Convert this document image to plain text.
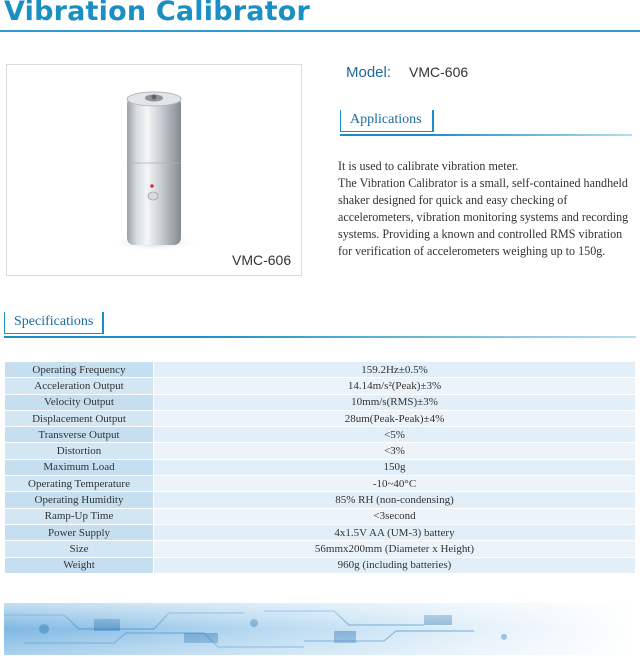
Vibration Calibrator
VMC-606
Model: VMC-606
Applications

It is used to calibrate vibration meter.

The Vibration Calibrator is a small, self-contained handheld shaker designed for quick and easy checking of accelerometers, vibration monitoring systems and recording systems. Providing a known and controlled RMS vibration for verification of accelerometers weighing up to 150g.

Specifications
Operating Frequency	159.2Hz±0.5%
Acceleration Output	14.14m/s²(Peak)±3%
Velocity Output	10mm/s(RMS)±3%
Displacement Output	28um(Peak-Peak)±4%
Transverse Output	<5%
Distortion	<3%
Maximum Load	150g
Operating Temperature	-10~40°C
Operating Humidity	85% RH (non-condensing)
Ramp-Up Time	<3second
Power Supply	4x1.5V AA (UM-3) battery
Size	56mmx200mm (Diameter x Height)
Weight	960g (including batteries)
